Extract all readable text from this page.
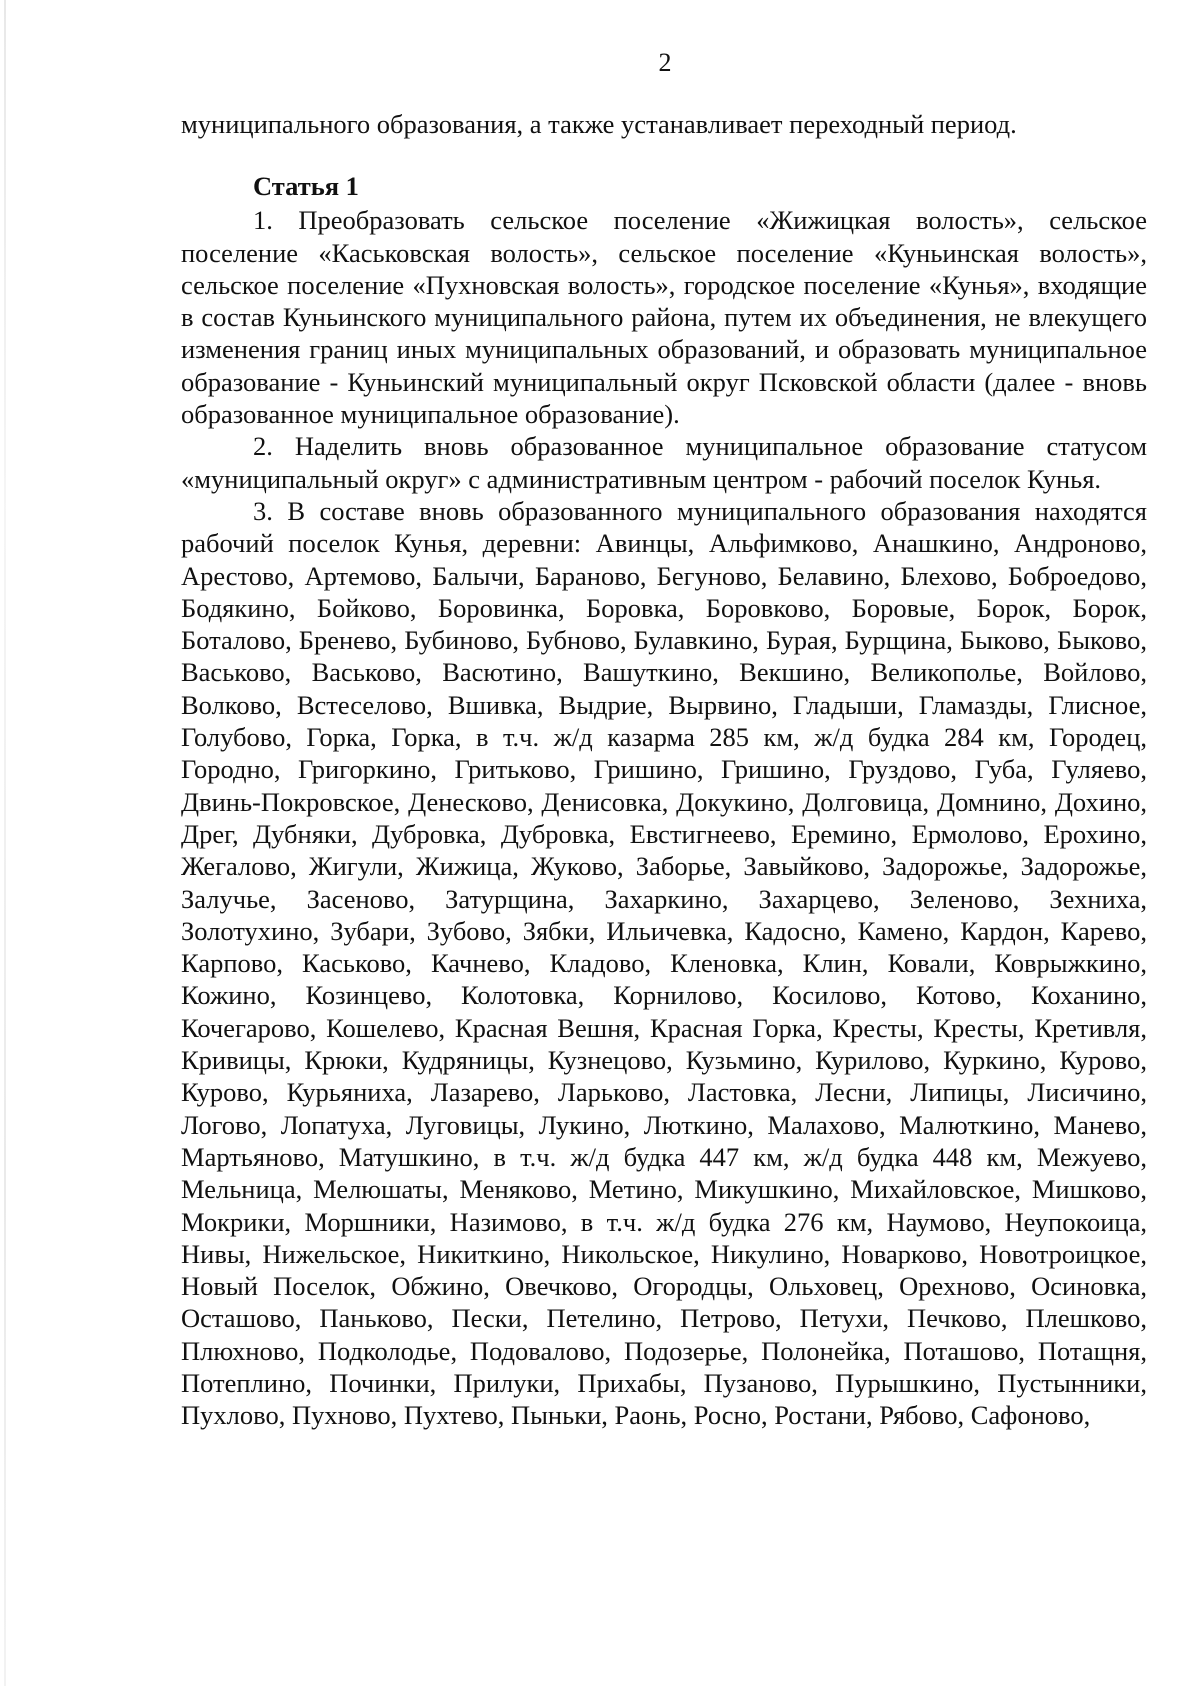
2

муниципального образования, а также устанавливает переходный период.

Статья 1

1. Преобразовать сельское поселение «Жижицкая волость», сельское поселение «Каськовская волость», сельское поселение «Куньинская волость», сельское поселение «Пухновская волость», городское поселение «Кунья», входящие в состав Куньинского муниципального района, путем их объединения, не влекущего изменения границ иных муниципальных образований, и образовать муниципальное образование - Куньинский муниципальный округ Псковской области (далее - вновь образованное муниципальное образование).

2. Наделить вновь образованное муниципальное образование статусом «муниципальный округ» с административным центром - рабочий поселок Кунья.

3. В составе вновь образованного муниципального образования находятся рабочий поселок Кунья, деревни: Авинцы, Альфимково, Анашкино, Андроново, Арестово, Артемово, Балычи, Бараново, Бегуново, Белавино, Блехово, Боброедово, Бодякино, Бойково, Боровинка, Боровка, Боровково, Боровые, Борок, Борок, Боталово, Бренево, Бубиново, Бубново, Булавкино, Бурая, Бурщина, Быково, Быково, Васьково, Васьково, Васютино, Вашуткино, Векшино, Великополье, Войлово, Волково, Встеселово, Вшивка, Выдрие, Вырвино, Гладыши, Гламазды, Глисное, Голубово, Горка, Горка, в т.ч. ж/д казарма 285 км, ж/д будка 284 км, Городец, Городно, Григоркино, Гритьково, Гришино, Гришино, Груздово, Губа, Гуляево, Двинь-Покровское, Денесково, Денисовка, Докукино, Долговица, Домнино, Дохино, Дрег, Дубняки, Дубровка, Дубровка, Евстигнеево, Еремино, Ермолово, Ерохино, Жегалово, Жигули, Жижица, Жуково, Заборье, Завыйково, Задорожье, Задорожье, Залучье, Засеново, Затурщина, Захаркино, Захарцево, Зеленово, Зехниха, Золотухино, Зубари, Зубово, Зябки, Ильичевка, Кадосно, Камено, Кардон, Карево, Карпово, Каськово, Качнево, Кладово, Кленовка, Клин, Ковали, Коврыжкино, Кожино, Козинцево, Колотовка, Корнилово, Косилово, Котово, Коханино, Кочегарово, Кошелево, Красная Вешня, Красная Горка, Кресты, Кресты, Кретивля, Кривицы, Крюки, Кудряницы, Кузнецово, Кузьмино, Курилово, Куркино, Курово, Курово, Курьяниха, Лазарево, Ларьково, Ластовка, Лесни, Липицы, Лисичино, Логово, Лопатуха, Луговицы, Лукино, Люткино, Малахово, Малюткино, Манево, Мартьяново, Матушкино, в т.ч. ж/д будка 447 км, ж/д будка 448 км, Межуево, Мельница, Мелюшаты, Меняково, Метино, Микушкино, Михайловское, Мишково, Мокрики, Моршники, Назимово, в т.ч. ж/д будка 276 км, Наумово, Неупокоица, Нивы, Нижельское, Никиткино, Никольское, Никулино, Новарково, Новотроицкое, Новый Поселок, Обжино, Овечково, Огородцы, Ольховец, Орехново, Осиновка, Осташово, Паньково, Пески, Петелино, Петрово, Петухи, Печково, Плешково, Плюхново, Подколодье, Подовалово, Подозерье, Полонейка, Поташово, Потащня, Потеплино, Починки, Прилуки, Прихабы, Пузаново, Пурышкино, Пустынники, Пухлово, Пухново, Пухтево, Пыньки, Раонь, Росно, Ростани, Рябово, Сафоново,
